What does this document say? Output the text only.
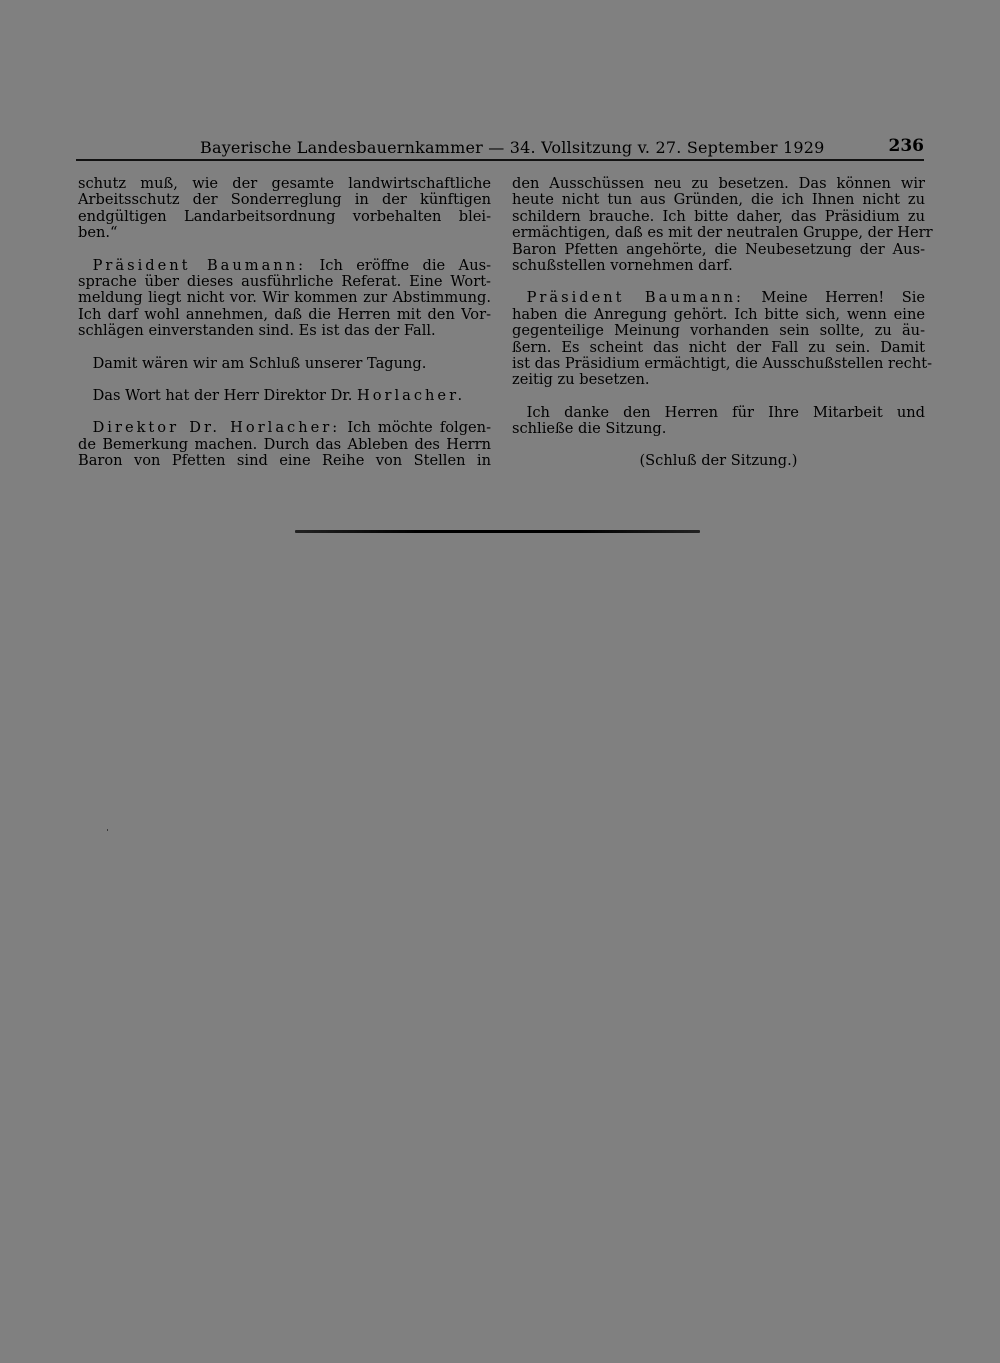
Bayerische Landesbauernkammer — 34. Vollsitzung v. 27. September 1929	236
schutz muß, wie der gesamte landwirtschaftliche
Arbeitsschutz der Sonderreglung in der künftigen
endgültigen Landarbeitsordnung vorbehalten blei-
ben.“
 Präsident Baumann: Ich eröffne die Aus-
sprache über dieses ausführliche Referat. Eine Wort-
meldung liegt nicht vor. Wir kommen zur Abstimmung.
Ich darf wohl annehmen, daß die Herren mit den Vor-
schlägen einverstanden sind. Es ist das der Fall.
 Damit wären wir am Schluß unserer Tagung.
 Das Wort hat der Herr Direktor Dr. Horlacher.
 Direktor Dr. Horlacher: Ich möchte folgen-
de Bemerkung machen. Durch das Ableben des Herrn
Baron von Pfetten sind eine Reihe von Stellen in
den Ausschüssen neu zu besetzen. Das können wir
heute nicht tun aus Gründen, die ich Ihnen nicht zu
schildern brauche. Ich bitte daher, das Präsidium zu
ermächtigen, daß es mit der neutralen Gruppe, der Herr
Baron Pfetten angehörte, die Neubesetzung der Aus-
schußstellen vornehmen darf.
 Präsident Baumann: Meine Herren! Sie
haben die Anregung gehört. Ich bitte sich, wenn eine
gegenteilige Meinung vorhanden sein sollte, zu äu-
ßern. Es scheint das nicht der Fall zu sein. Damit
ist das Präsidium ermächtigt, die Ausschußstellen recht-
zeitig zu besetzen.
 Ich danke den Herren für Ihre Mitarbeit und
schließe die Sitzung.
(Schluß der Sitzung.)
